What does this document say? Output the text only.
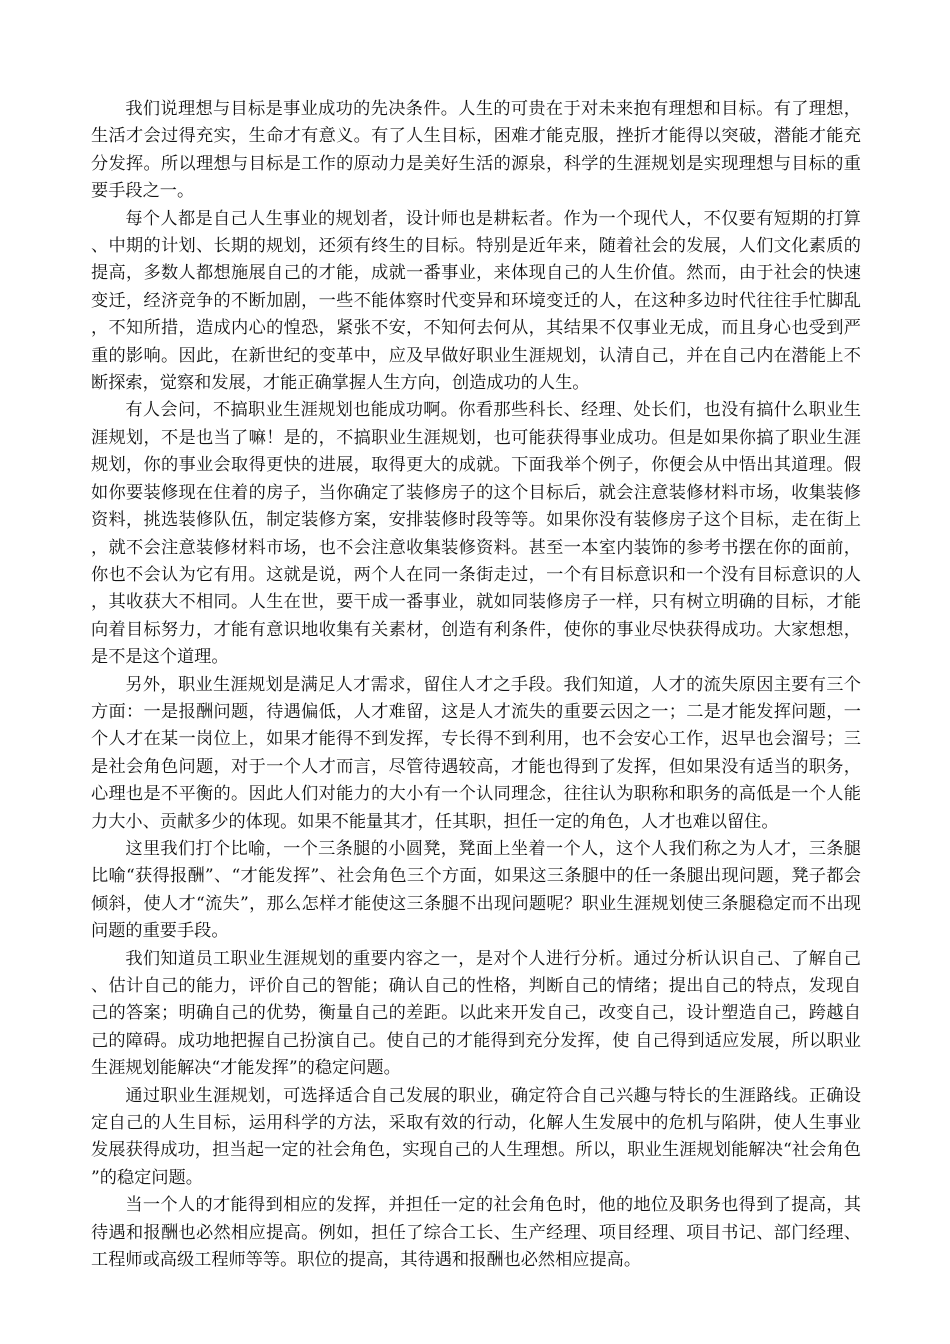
我们说理想与目标是事业成功的先决条件。人生的可贵在于对未来抱有理想和目标。有了理想，生活才会过得充实，生命才有意义。有了人生目标，困难才能克服，挫折才能得以突破，潜能才能充分发挥。所以理想与目标是工作的原动力是美好生活的源泉，科学的生涯规划是实现理想与目标的重要手段之一。

每个人都是自己人生事业的规划者，设计师也是耕耘者。作为一个现代人，不仅要有短期的打算、中期的计划、长期的规划，还须有终生的目标。特别是近年来，随着社会的发展，人们文化素质的提高，多数人都想施展自己的才能，成就一番事业，来体现自己的人生价值。然而，由于社会的快速变迁，经济竞争的不断加剧，一些不能体察时代变异和环境变迁的人，在这种多边时代往往手忙脚乱，不知所措，造成内心的惶恐，紧张不安，不知何去何从，其结果不仅事业无成，而且身心也受到严重的影响。因此，在新世纪的变革中，应及早做好职业生涯规划，认清自己，并在自己内在潜能上不断探索，觉察和发展，才能正确掌握人生方向，创造成功的人生。

有人会问，不搞职业生涯规划也能成功啊。你看那些科长、经理、处长们，也没有搞什么职业生涯规划，不是也当了嘛！是的，不搞职业生涯规划，也可能获得事业成功。但是如果你搞了职业生涯规划，你的事业会取得更快的进展，取得更大的成就。下面我举个例子，你便会从中悟出其道理。假如你要装修现在住着的房子，当你确定了装修房子的这个目标后，就会注意装修材料市场，收集装修资料，挑选装修队伍，制定装修方案，安排装修时段等等。如果你没有装修房子这个目标，走在街上，就不会注意装修材料市场，也不会注意收集装修资料。甚至一本室内装饰的参考书摆在你的面前，你也不会认为它有用。这就是说，两个人在同一条街走过，一个有目标意识和一个没有目标意识的人，其收获大不相同。人生在世，要干成一番事业，就如同装修房子一样，只有树立明确的目标，才能向着目标努力，才能有意识地收集有关素材，创造有利条件，使你的事业尽快获得成功。大家想想，是不是这个道理。

另外，职业生涯规划是满足人才需求，留住人才之手段。我们知道，人才的流失原因主要有三个方面：一是报酬问题，待遇偏低，人才难留，这是人才流失的重要云因之一；二是才能发挥问题，一个人才在某一岗位上，如果才能得不到发挥，专长得不到利用，也不会安心工作，迟早也会溜号；三是社会角色问题，对于一个人才而言，尽管待遇较高，才能也得到了发挥，但如果没有适当的职务，心理也是不平衡的。因此人们对能力的大小有一个认同理念，往往认为职称和职务的高低是一个人能力大小、贡献多少的体现。如果不能量其才，任其职，担任一定的角色，人才也难以留住。

这里我们打个比喻，一个三条腿的小圆凳，凳面上坐着一个人，这个人我们称之为人才，三条腿比喻“获得报酬”、“才能发挥”、社会角色三个方面，如果这三条腿中的任一条腿出现问题，凳子都会倾斜，使人才“流失”，那么怎样才能使这三条腿不出现问题呢？职业生涯规划使三条腿稳定而不出现问题的重要手段。

我们知道员工职业生涯规划的重要内容之一，是对个人进行分析。通过分析认识自己、了解自己、估计自己的能力，评价自己的智能；确认自己的性格，判断自己的情绪；提出自己的特点，发现自己的答案；明确自己的优势，衡量自己的差距。以此来开发自己，改变自己，设计塑造自己，跨越自己的障碍。成功地把握自己扮演自己。使自己的才能得到充分发挥，使 自己得到适应发展，所以职业生涯规划能解决“才能发挥”的稳定问题。

通过职业生涯规划，可选择适合自己发展的职业，确定符合自己兴趣与特长的生涯路线。正确设定自己的人生目标，运用科学的方法，采取有效的行动，化解人生发展中的危机与陷阱，使人生事业发展获得成功，担当起一定的社会角色，实现自己的人生理想。所以，职业生涯规划能解决“社会角色”的稳定问题。

当一个人的才能得到相应的发挥，并担任一定的社会角色时，他的地位及职务也得到了提高，其待遇和报酬也必然相应提高。例如，担任了综合工长、生产经理、项目经理、项目书记、部门经理、工程师或高级工程师等等。职位的提高，其待遇和报酬也必然相应提高。
